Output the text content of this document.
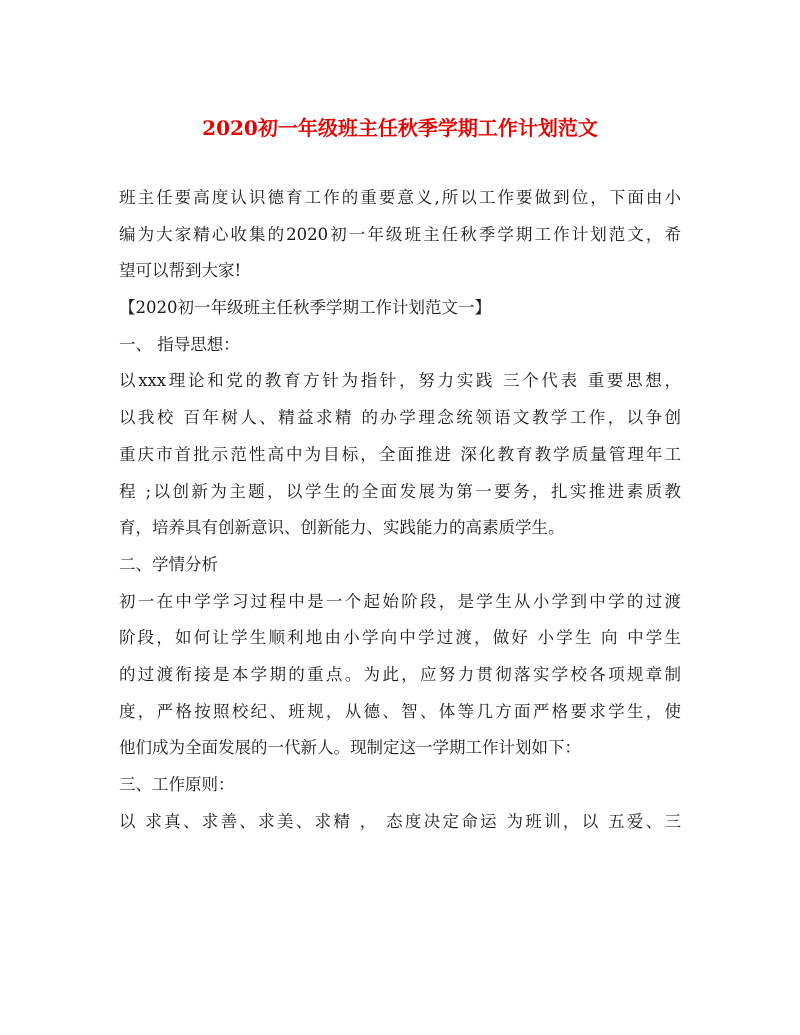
2020初一年级班主任秋季学期工作计划范文
班主任要高度认识德育工作的重要意义,所以工作要做到位，下面由小
编为大家精心收集的2020初一年级班主任秋季学期工作计划范文，希
望可以帮到大家!
【2020初一年级班主任秋季学期工作计划范文一】
一、 指导思想：
以xxx理论和党的教育方针为指针，努力实践 三个代表 重要思想，
以我校 百年树人、精益求精 的办学理念统领语文教学工作，以争创
重庆市首批示范性高中为目标，全面推进 深化教育教学质量管理年工
程 ;以创新为主题，以学生的全面发展为第一要务，扎实推进素质教
育，培养具有创新意识、创新能力、实践能力的高素质学生。
二、学情分析
初一在中学学习过程中是一个起始阶段，是学生从小学到中学的过渡
阶段，如何让学生顺利地由小学向中学过渡，做好 小学生 向 中学生
的过渡衔接是本学期的重点。为此，应努力贯彻落实学校各项规章制
度，严格按照校纪、班规，从德、智、体等几方面严格要求学生，使
他们成为全面发展的一代新人。现制定这一学期工作计划如下：
三、工作原则：
以 求真、求善、求美、求精 ， 态度决定命运 为班训，以 五爱、三
